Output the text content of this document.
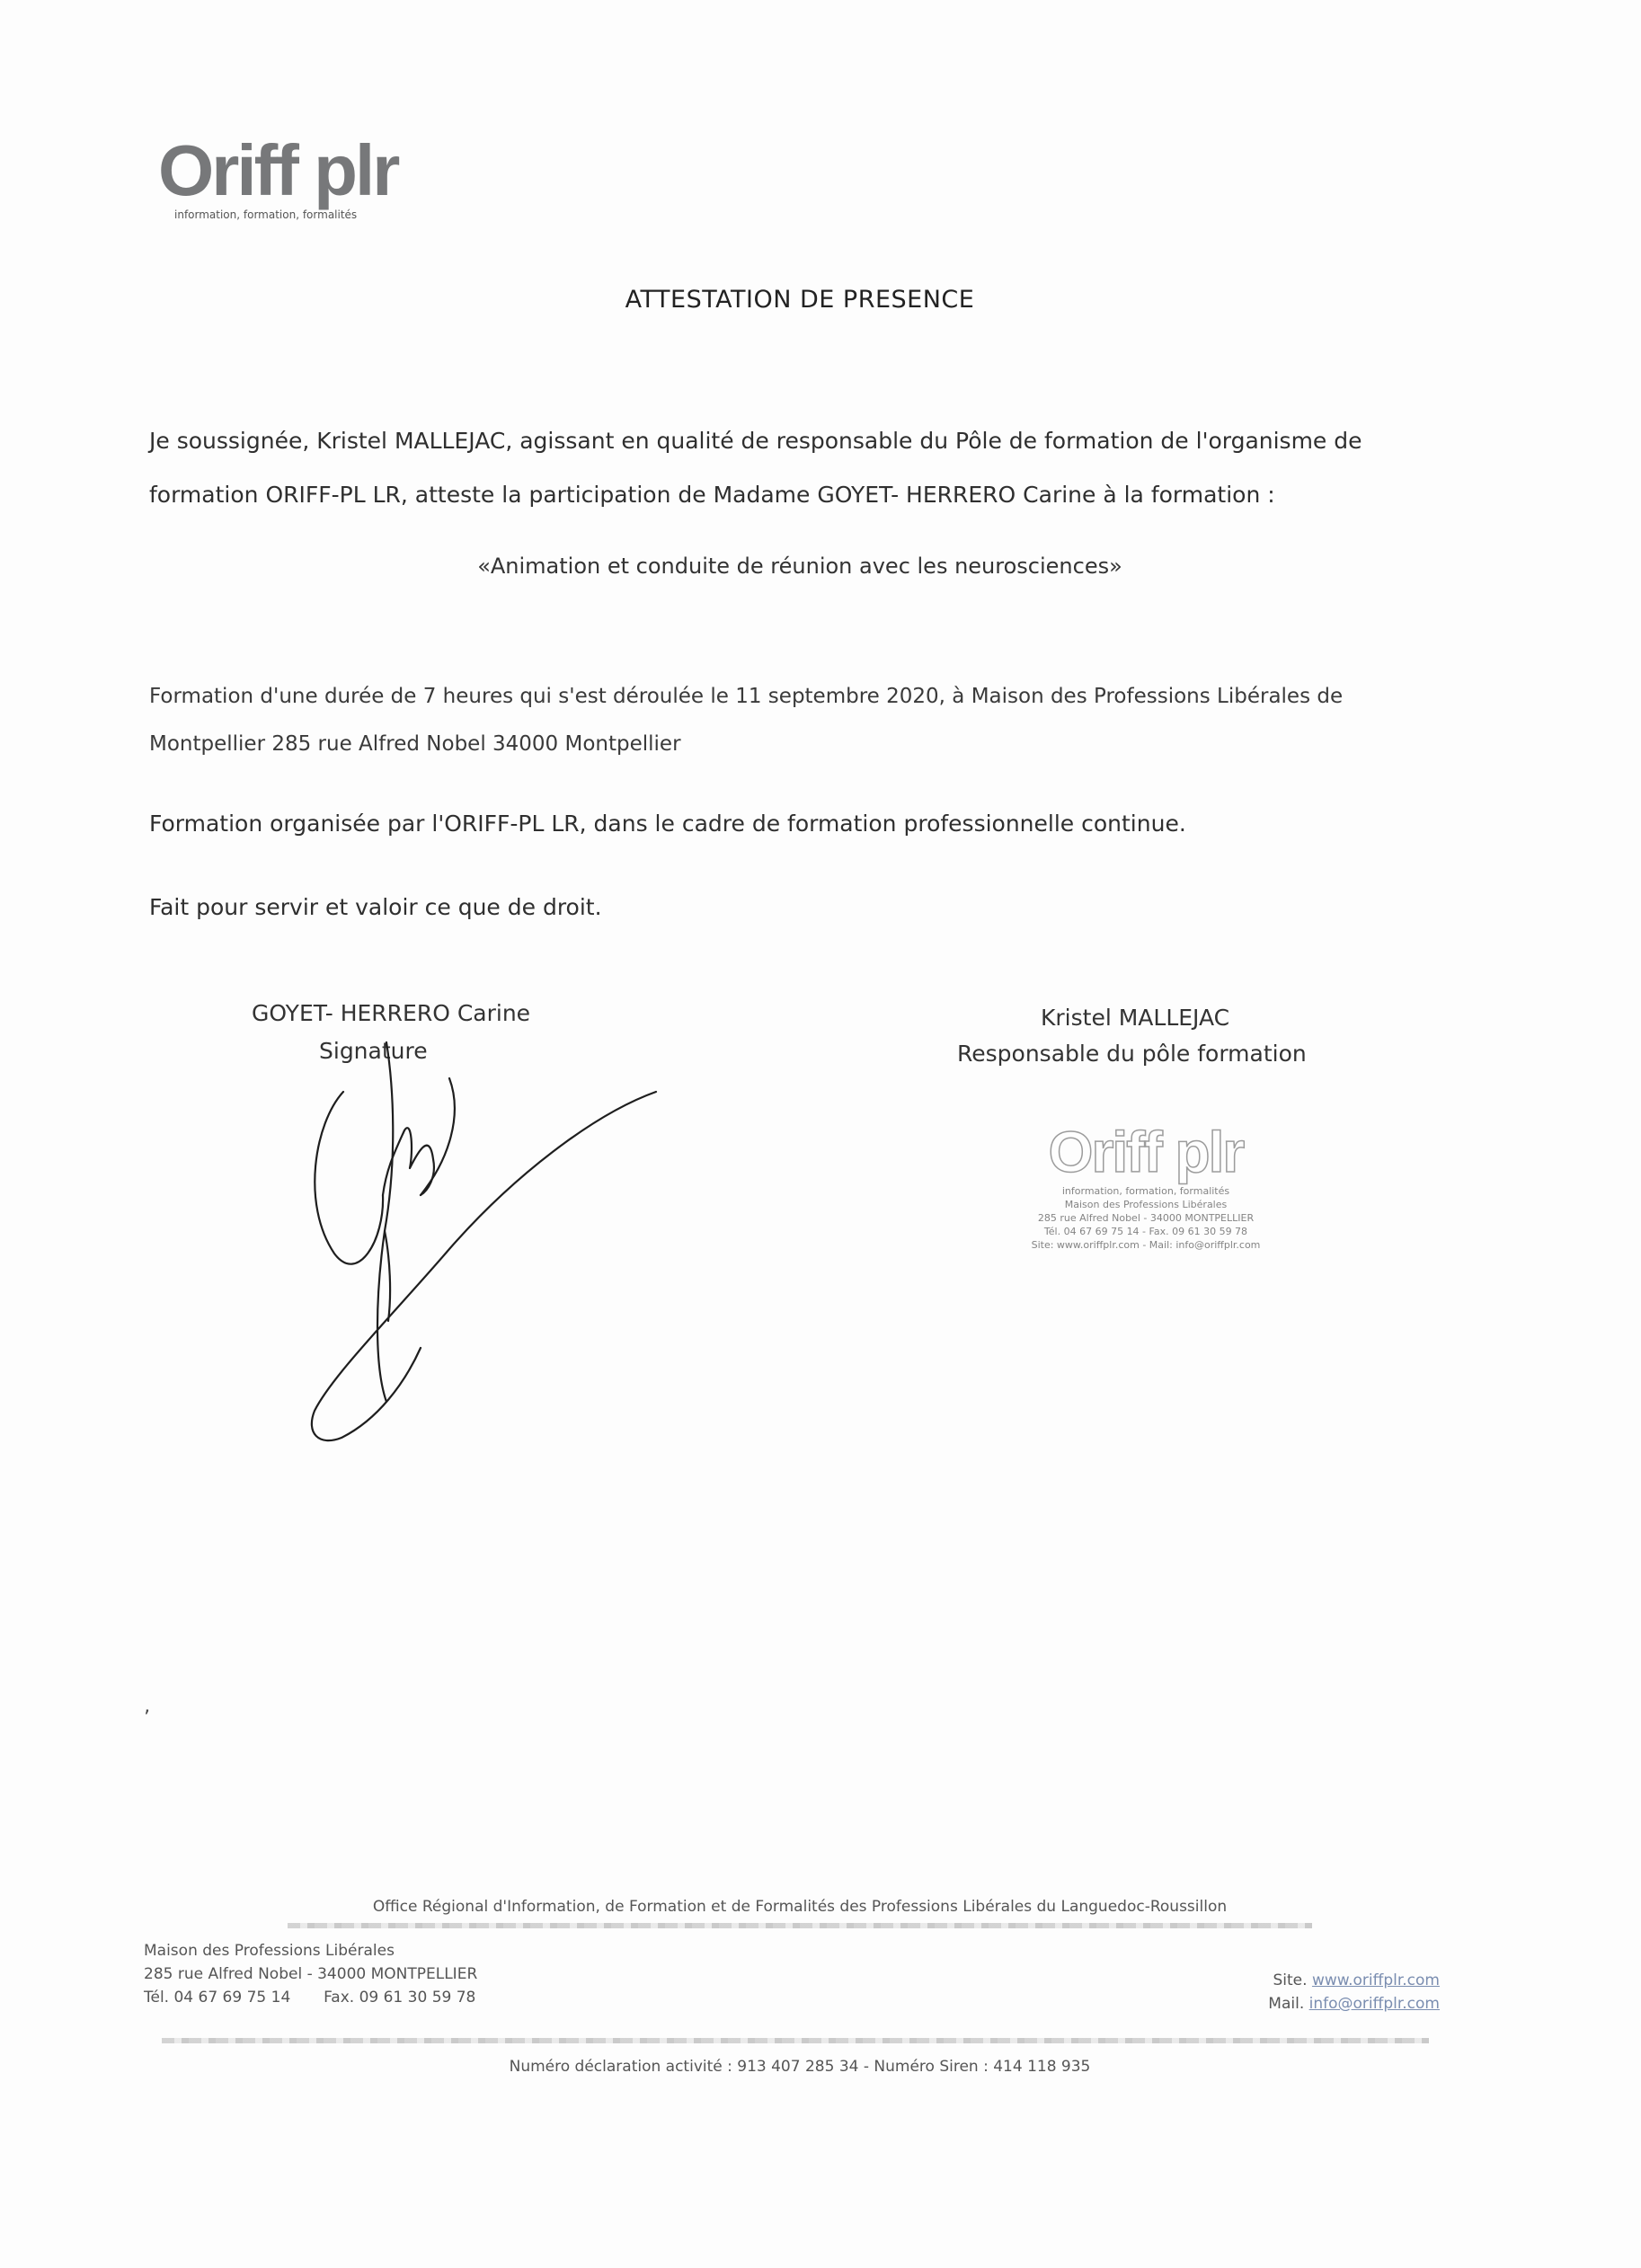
Oriff plr
information, formation, formalités
ATTESTATION DE PRESENCE
Je soussignée, Kristel MALLEJAC, agissant en qualité de responsable du Pôle de formation de l'organisme de
formation ORIFF-PL LR, atteste la participation de Madame GOYET- HERRERO Carine à la formation :
«Animation et conduite de réunion avec les neurosciences»
Formation d'une durée de 7 heures qui s'est déroulée le 11 septembre 2020, à Maison des Professions Libérales de
Montpellier 285 rue Alfred Nobel 34000 Montpellier
Formation organisée par l'ORIFF-PL LR, dans le cadre de formation professionnelle continue.
Fait pour servir et valoir ce que de droit.
GOYET- HERRERO Carine
Signature
Kristel MALLEJAC
Responsable du pôle formation
Oriff plr
information, formation, formalités
Maison des Professions Libérales
285 rue Alfred Nobel - 34000 MONTPELLIER
Tél. 04 67 69 75 14 - Fax. 09 61 30 59 78
Site: www.oriffplr.com - Mail: info@oriffplr.com
’
Office Régional d'Information, de Formation et de Formalités des Professions Libérales du Languedoc-Roussillon
Maison des Professions Libérales
285 rue Alfred Nobel - 34000 MONTPELLIER
Tél. 04 67 69 75 14 Fax. 09 61 30 59 78
Site. www.oriffplr.com
Mail. info@oriffplr.com
Numéro déclaration activité : 913 407 285 34 - Numéro Siren : 414 118 935
